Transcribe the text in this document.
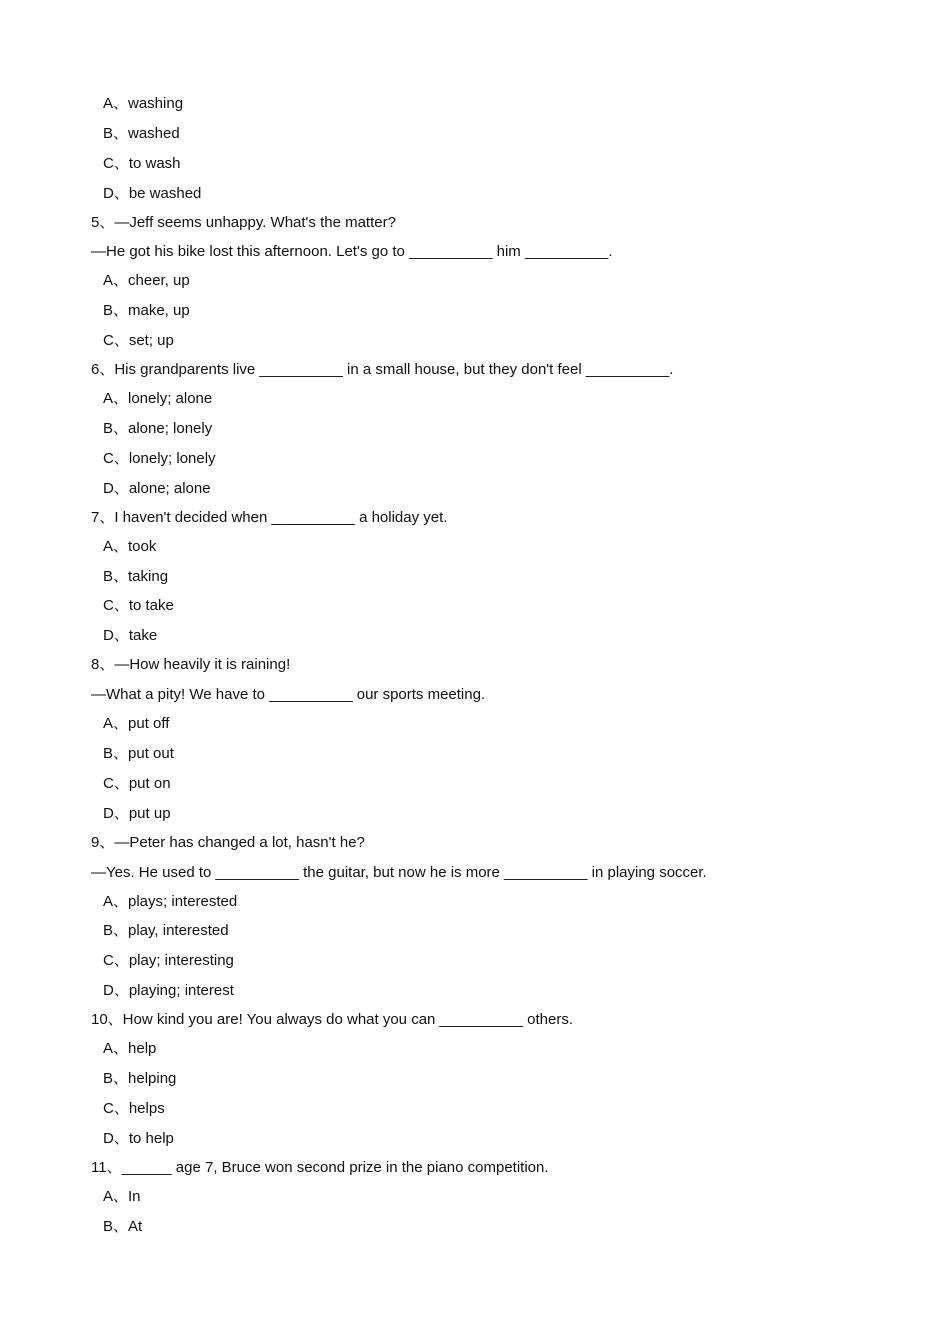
A、washing
B、washed
C、to wash
D、be washed
5、—Jeff seems unhappy. What's the matter?
—He got his bike lost this afternoon. Let's go to __________ him __________.
A、cheer, up
B、make, up
C、set; up
6、His grandparents live __________ in a small house, but they don't feel __________.
A、lonely; alone
B、alone; lonely
C、lonely; lonely
D、alone; alone
7、I haven't decided when __________ a holiday yet.
A、took
B、taking
C、to take
D、take
8、—How heavily it is raining!
—What a pity! We have to __________ our sports meeting.
A、put off
B、put out
C、put on
D、put up
9、—Peter has changed a lot, hasn't he?
—Yes. He used to __________ the guitar, but now he is more __________ in playing soccer.
A、plays; interested
B、play, interested
C、play; interesting
D、playing; interest
10、How kind you are! You always do what you can __________ others.
A、help
B、helping
C、helps
D、to help
11、______ age 7, Bruce won second prize in the piano competition.
A、In
B、At
